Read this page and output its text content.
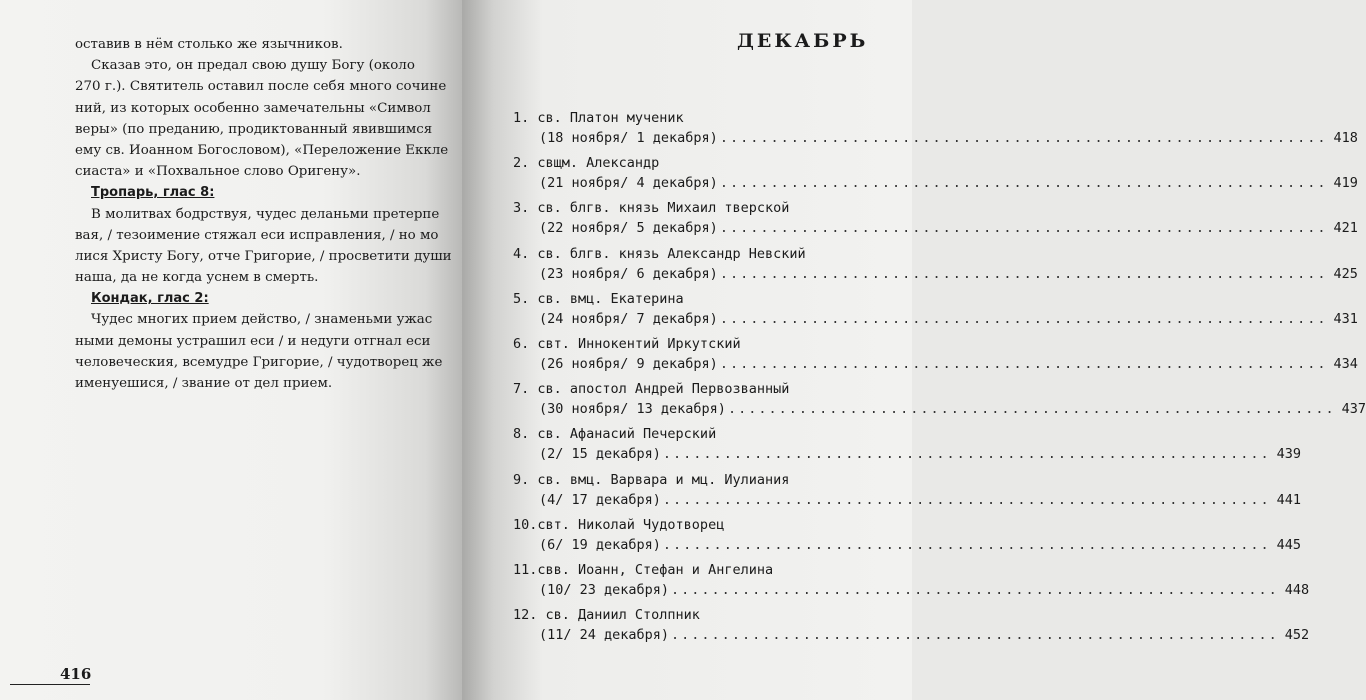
оставив в нём столько же язычников.
Сказав это, он предал свою душу Богу (около
270 г.). Святитель оставил после себя много сочине
ний, из которых особенно замечательны «Символ
веры» (по преданию, продиктованный явившимся
ему св. Иоанном Богословом), «Переложение Екклe
сиаста» и «Похвальное слово Оригену».
Тропарь, глас 8:
В молитвах бодрствуя, чудес деланьми претерпе
вая, / тезоимение стяжал еси исправления, / но мо
лися Христу Богу, отче Григорие, / просветити души
наша, да не когда уснем в смерть.
Кондак, глас 2:
Чудес многих прием действо, / знаменьми ужас
ными демоны устрашил еси / и недуги отгнал еси
человеческия, всемудре Григорие, / чудотворец же
именуешися, / звание от дел прием.
416
ДЕКАБРЬ
1. св. Платон мученик
(18 ноября/ 1 декабря) ............................................................ 418
2. свщм. Александр
(21 ноября/ 4 декабря) ............................................................ 419
3. св. блгв. князь Михаил тверской
(22 ноября/ 5 декабря) ............................................................ 421
4. св. блгв. князь Александр Невский
(23 ноября/ 6 декабря) ............................................................ 425
5. св. вмц. Екатерина
(24 ноября/ 7 декабря) ............................................................ 431
6. свт. Иннокентий Иркутский
(26 ноября/ 9 декабря) ............................................................ 434
7. св. апостол Андрей Первозванный
(30 ноября/ 13 декабря) ............................................................ 437
8. св. Афанасий Печерский
(2/ 15 декабря) ............................................................ 439
9. св. вмц. Варвара и мц. Иулиания
(4/ 17 декабря) ............................................................ 441
10.свт. Николай Чудотворец
(6/ 19 декабря) ............................................................ 445
11.свв. Иоанн, Стефан и Ангелина
(10/ 23 декабря) ............................................................ 448
12. св. Даниил Столпник
(11/ 24 декабря) ............................................................ 452
